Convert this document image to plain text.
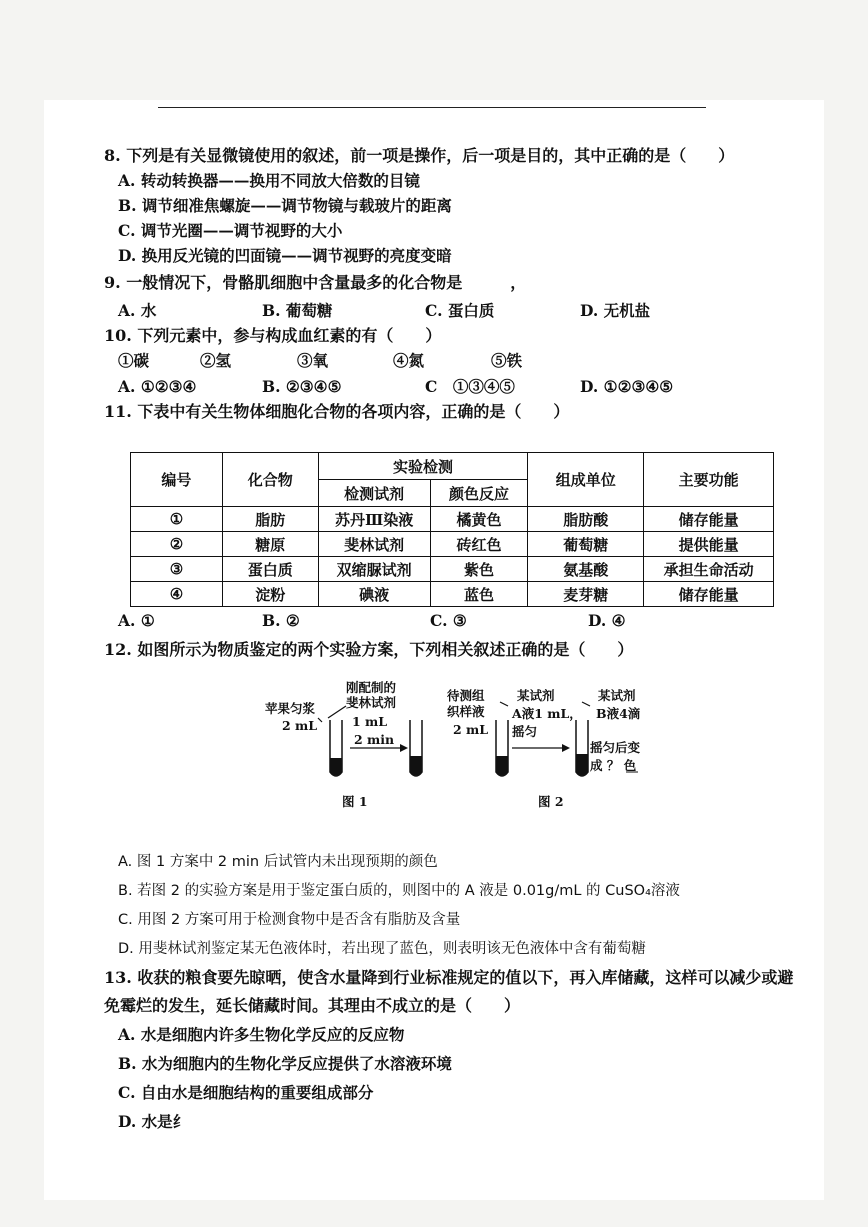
8. 下列是有关显微镜使用的叙述，前一项是操作，后一项是目的，其中正确的是（　　）
A. 转动转换器——换用不同放大倍数的目镜
B. 调节细准焦螺旋——调节物镜与载玻片的距离
C. 调节光圈——调节视野的大小
D. 换用反光镜的凹面镜——调节视野的亮度变暗
9. 一般情况下，骨骼肌细胞中含量最多的化合物是　　　，
A. 水	B. 葡萄糖	C. 蛋白质	D. 无机盐
10. 下列元素中，参与构成血红素的有（　　）
①碳	②氢	③氧	④氮	⑤铁
A. ①②③④	B. ②③④⑤	C　①③④⑤	D. ①②③④⑤
11. 下表中有关生物体细胞化合物的各项内容，正确的是（　　）
编号	化合物	实验检测		组成单位	主要功能
		检测试剂	颜色反应		
①	脂肪	苏丹Ⅲ染液	橘黄色	脂肪酸	储存能量
②	糖原	斐林试剂	砖红色	葡萄糖	提供能量
③	蛋白质	双缩脲试剂	紫色	氨基酸	承担生命活动
④	淀粉	碘液	蓝色	麦芽糖	储存能量
A. ①	B. ②	C. ③	D. ④
12. 如图所示为物质鉴定的两个实验方案，下列相关叙述正确的是（　　）
苹果匀浆
2 mL
刚配制的
斐林试剂
1 mL
2 min
图 1
待测组
织样液
2 mL
某试剂
A液1 mL，
摇匀
某试剂
B液4滴
摇匀后变
成 ？ 色
图 2
A. 图 1 方案中 2 min 后试管内未出现预期的颜色
B. 若图 2 的实验方案是用于鉴定蛋白质的，则图中的 A 液是 0.01g/mL 的 CuSO₄溶液
C. 用图 2 方案可用于检测食物中是否含有脂肪及含量
D. 用斐林试剂鉴定某无色液体时，若出现了蓝色，则表明该无色液体中含有葡萄糖
13. 收获的粮食要先晾晒，使含水量降到行业标准规定的值以下，再入库储藏，这样可以减少或避
免霉烂的发生，延长储藏时间。其理由不成立的是（　　）
A. 水是细胞内许多生物化学反应的反应物
B. 水为细胞内的生物化学反应提供了水溶液环境
C. 自由水是细胞结构的重要组成部分
D. 水是纟
